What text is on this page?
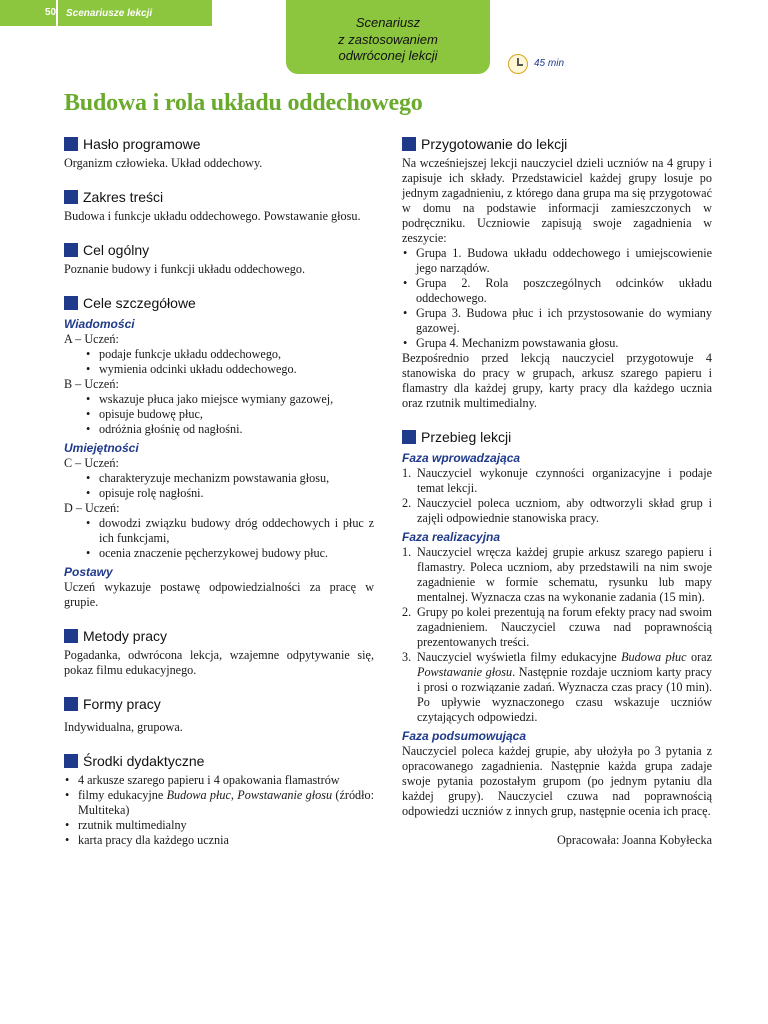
50 Scenariusze lekcji
Scenariusz
z zastosowaniem
odwróconej lekcji
45 min
Budowa i rola układu oddechowego
Hasło programowe

Organizm człowieka. Układ oddechowy.

Zakres treści

Budowa i funkcje układu oddechowego. Powstawanie głosu.

Cel ogólny

Poznanie budowy i funkcji układu oddechowego.

Cele szczegółowe
Wiadomości

A – Uczeń:

• podaje funkcje układu oddechowego,
• wymienia odcinki układu oddechowego.

B – Uczeń:

• wskazuje płuca jako miejsce wymiany gazowej,
• opisuje budowę płuc,
• odróżnia głośnię od nagłośni.
Umiejętności

C – Uczeń:

• charakteryzuje mechanizm powstawania głosu,
• opisuje rolę nagłośni.

D – Uczeń:

• dowodzi związku budowy dróg oddechowych i płuc z ich funkcjami,
• ocenia znaczenie pęcherzykowej budowy płuc.
Postawy

Uczeń wykazuje postawę odpowiedzialności za pracę w grupie.

Metody pracy

Pogadanka, odwrócona lekcja, wzajemne odpytywanie się, pokaz filmu edukacyjnego.

Formy pracy

Indywidualna, grupowa.

Środki dydaktyczne
• 4 arkusze szarego papieru i 4 opakowania flamastrów
• filmy edukacyjne Budowa płuc, Powstawanie głosu (źródło: Multiteka)
• rzutnik multimedialny
• karta pracy dla każdego ucznia
Przygotowanie do lekcji

Na wcześniejszej lekcji nauczyciel dzieli uczniów na 4 grupy i zapisuje ich składy. Przedstawiciel każdej grupy losuje po jednym zagadnieniu, z którego dana grupa ma się przygotować w domu na podstawie informacji zamieszczonych w podręczniku. Uczniowie zapisują swoje zagadnienia w zeszycie:

• Grupa 1. Budowa układu oddechowego i umiejscowienie jego narządów.
• Grupa 2. Rola poszczególnych odcinków układu oddechowego.
• Grupa 3. Budowa płuc i ich przystosowanie do wymiany gazowej.
• Grupa 4. Mechanizm powstawania głosu.

Bezpośrednio przed lekcją nauczyciel przygotowuje 4 stanowiska do pracy w grupach, arkusz szarego papieru i flamastry dla każdej grupy, karty pracy dla każdego ucznia oraz rzutnik multimedialny.

Przebieg lekcji
Faza wprowadzająca
1. Nauczyciel wykonuje czynności organizacyjne i podaje temat lekcji.
2. Nauczyciel poleca uczniom, aby odtworzyli skład grup i zajęli odpowiednie stanowiska pracy.
Faza realizacyjna
1. Nauczyciel wręcza każdej grupie arkusz szarego papieru i flamastry. Poleca uczniom, aby przedstawili na nim swoje zagadnienie w formie schematu, rysunku lub mapy mentalnej. Wyznacza czas na wykonanie zadania (15 min).
2. Grupy po kolei prezentują na forum efekty pracy nad swoim zagadnieniem. Nauczyciel czuwa nad poprawnością prezentowanych treści.
3. Nauczyciel wyświetla filmy edukacyjne Budowa płuc oraz Powstawanie głosu. Następnie rozdaje uczniom karty pracy i prosi o rozwiązanie zadań. Wyznacza czas pracy (10 min). Po upływie wyznaczonego czasu wskazuje uczniów czytających odpowiedzi.
Faza podsumowująca

Nauczyciel poleca każdej grupie, aby ułożyła po 3 pytania z opracowanego zagadnienia. Następnie każda grupa zadaje swoje pytania pozostałym grupom (po jednym pytaniu dla każdej grupy). Nauczyciel czuwa nad poprawnością odpowiedzi uczniów z innych grup, następnie ocenia ich pracę.

Opracowała: Joanna Kobyłecka
